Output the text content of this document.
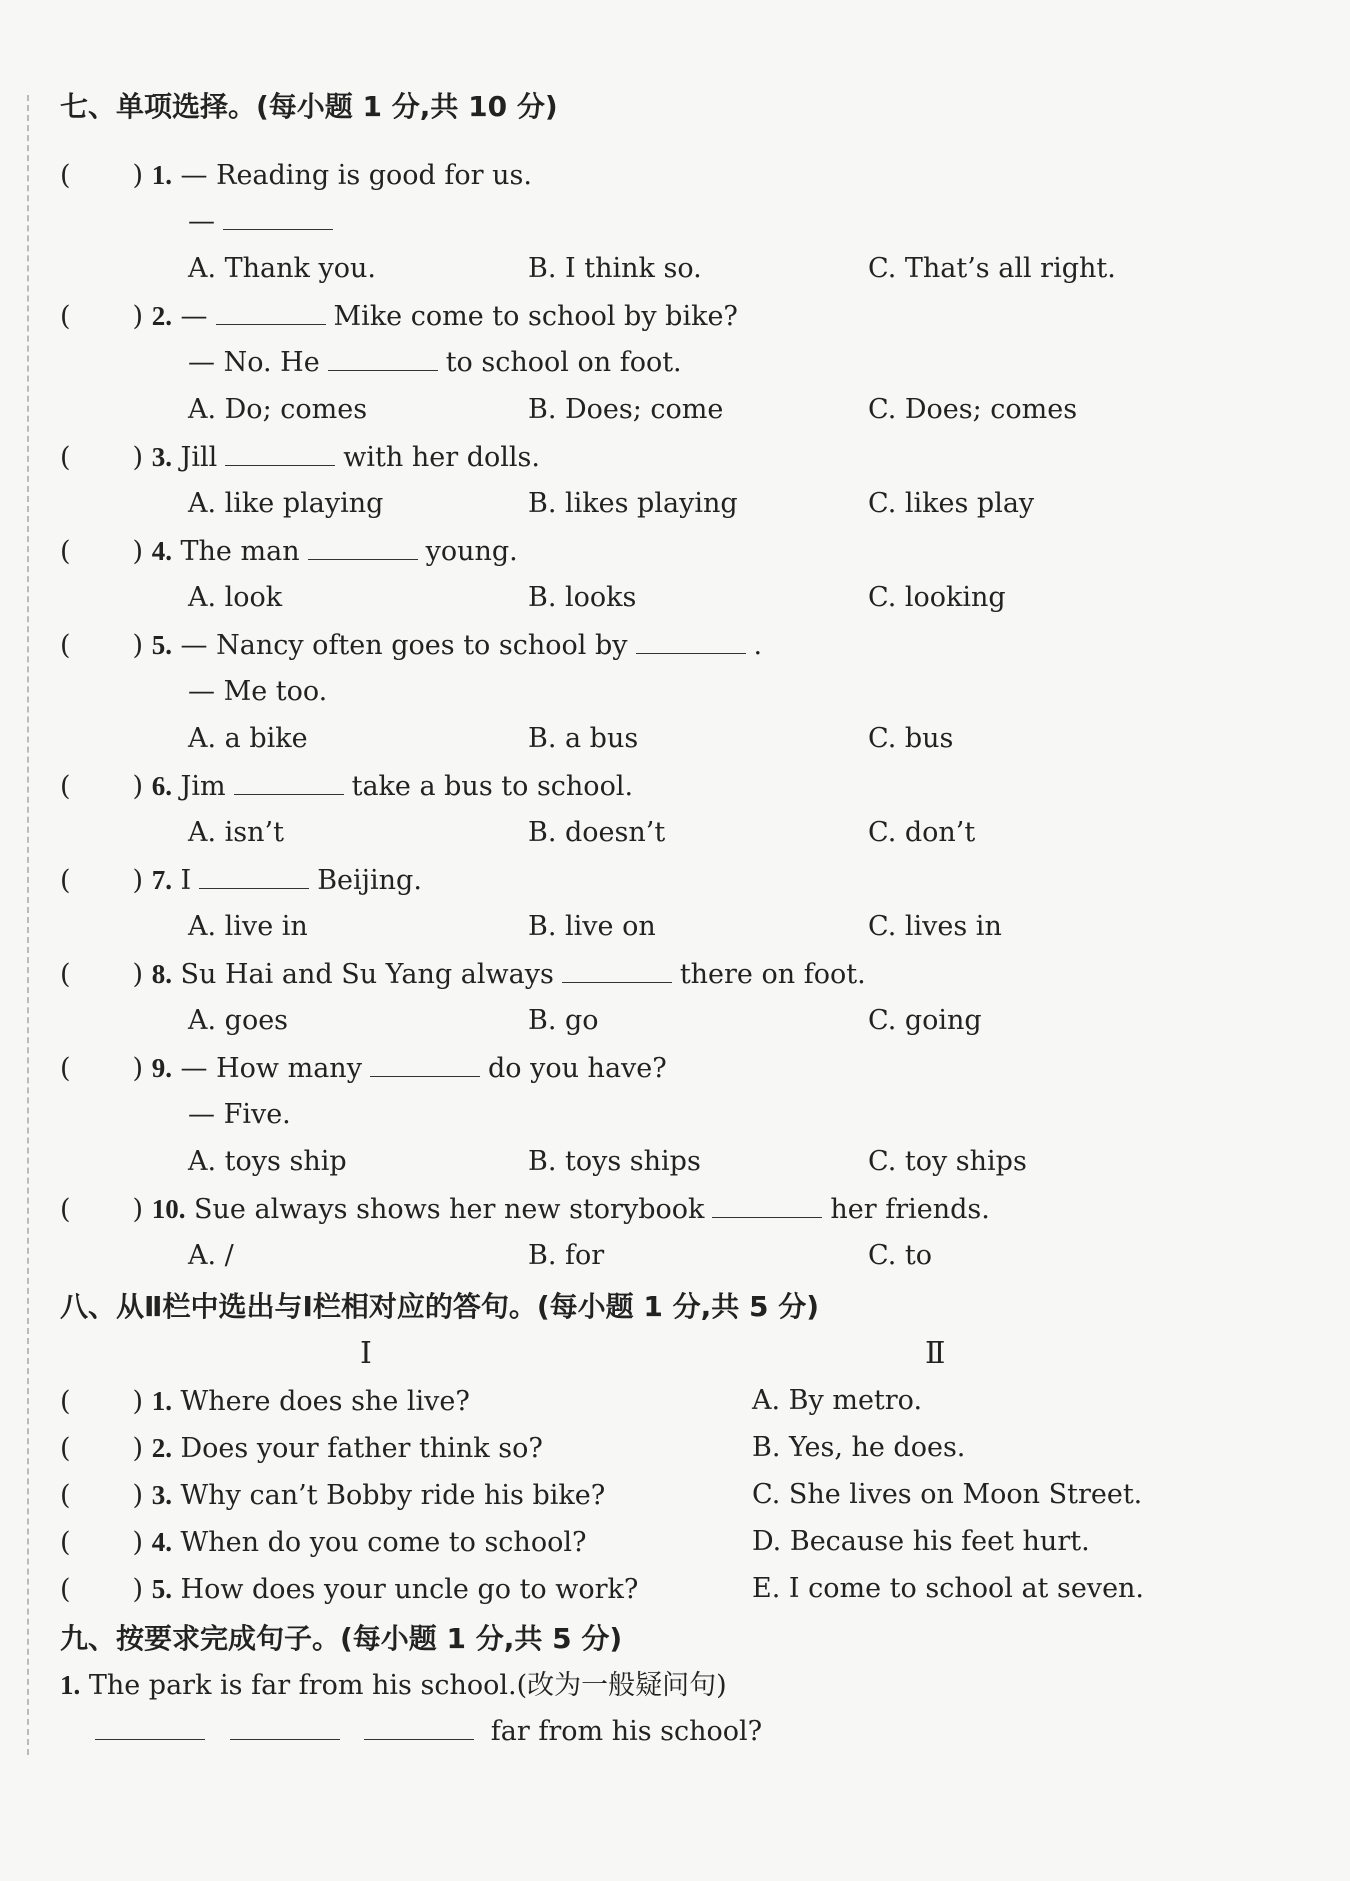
七、单项选择。(每小题 1 分,共 10 分)
( ) 1. — Reading is good for us.
—
A. Thank you.	B. I think so.	C. That’s all right.
( ) 2. —	Mike come to school by bike?
— No. He	to school on foot.
A. Do; comes	B. Does; come	C. Does; comes
( ) 3. Jill	with her dolls.
A. like playing	B. likes playing	C. likes play
( ) 4. The man	young.
A. look	B. looks	C. looking
( ) 5. — Nancy often goes to school by	.
— Me too.
A. a bike	B. a bus	C. bus
( ) 6. Jim	take a bus to school.
A. isn’t	B. doesn’t	C. don’t
( ) 7. I	Beijing.
A. live in	B. live on	C. lives in
( ) 8. Su Hai and Su Yang always	there on foot.
A. goes	B. go	C. going
( ) 9. — How many	do you have?
— Five.
A. toys ship	B. toys ships	C. toy ships
( ) 10. Sue always shows her new storybook	her friends.
A. /	B. for	C. to
八、从Ⅱ栏中选出与Ⅰ栏相对应的答句。(每小题 1 分,共 5 分)
Ⅰ	Ⅱ
( ) 1. Where does she live?	A. By metro.
( ) 2. Does your father think so?	B. Yes, he does.
( ) 3. Why can’t Bobby ride his bike?	C. She lives on Moon Street.
( ) 4. When do you come to school?	D. Because his feet hurt.
( ) 5. How does your uncle go to work?	E. I come to school at seven.
九、按要求完成句子。(每小题 1 分,共 5 分)
1. The park is far from his school.(改为一般疑问句)
far from his school?
